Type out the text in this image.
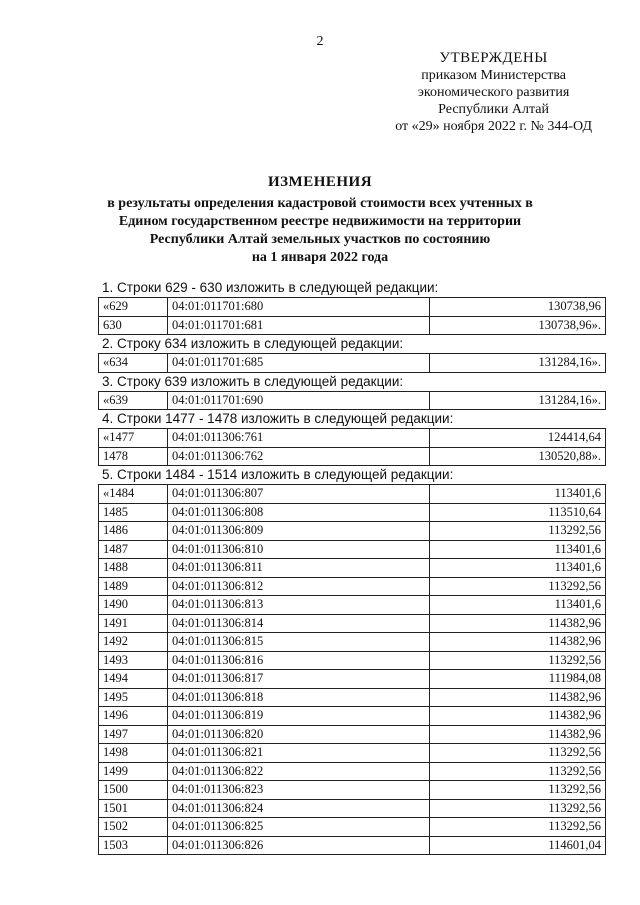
2
УТВЕРЖДЕНЫ
приказом Министерства
экономического развития
Республики Алтай
от «29» ноября 2022 г. № 344-ОД
ИЗМЕНЕНИЯ
в результаты определения кадастровой стоимости всех учтенных в
Едином государственном реестре недвижимости на территории
Республики Алтай земельных участков по состоянию
на 1 января 2022 года
1. Строки 629 - 630 изложить в следующей редакции:
«629	04:01:011701:680	130738,96
630	04:01:011701:681	130738,96».
2. Строку 634 изложить в следующей редакции:
«634	04:01:011701:685	131284,16».
3. Строку 639 изложить в следующей редакции:
«639	04:01:011701:690	131284,16».
4. Строки 1477 - 1478 изложить в следующей редакции:
«1477	04:01:011306:761	124414,64
1478	04:01:011306:762	130520,88».
5. Строки 1484 - 1514 изложить в следующей редакции:
«1484	04:01:011306:807	113401,6
1485	04:01:011306:808	113510,64
1486	04:01:011306:809	113292,56
1487	04:01:011306:810	113401,6
1488	04:01:011306:811	113401,6
1489	04:01:011306:812	113292,56
1490	04:01:011306:813	113401,6
1491	04:01:011306:814	114382,96
1492	04:01:011306:815	114382,96
1493	04:01:011306:816	113292,56
1494	04:01:011306:817	111984,08
1495	04:01:011306:818	114382,96
1496	04:01:011306:819	114382,96
1497	04:01:011306:820	114382,96
1498	04:01:011306:821	113292,56
1499	04:01:011306:822	113292,56
1500	04:01:011306:823	113292,56
1501	04:01:011306:824	113292,56
1502	04:01:011306:825	113292,56
1503	04:01:011306:826	114601,04
